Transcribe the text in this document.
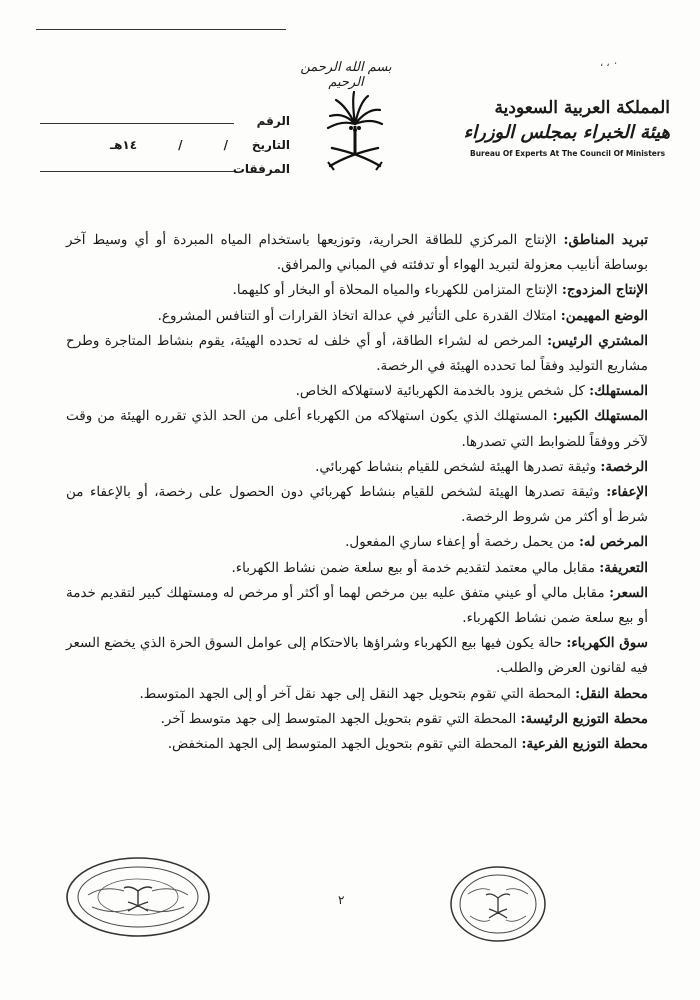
، ، ٠
بسم الله الرحمن الرحيم
الرقم
التاريخ
١٤هـ	/	/
المرفقات
المملكة العربية السعودية
هيئة الخبراء بمجلس الوزراء
Bureau Of Experts At The Council Of Ministers

تبريد المناطق: الإنتاج المركزي للطاقة الحرارية، وتوزيعها باستخدام المياه المبردة أو أي وسيط آخر بوساطة أنابيب معزولة لتبريد الهواء أو تدفئته في المباني والمرافق.

الإنتاج المزدوج: الإنتاج المتزامن للكهرباء والمياه المحلاة أو البخار أو كليهما.

الوضع المهيمن: امتلاك القدرة على التأثير في عدالة اتخاذ القرارات أو التنافس المشروع.

المشتري الرئيس: المرخص له لشراء الطاقة، أو أي خلف له تحدده الهيئة، يقوم بنشاط المتاجرة وطرح مشاريع التوليد وفقاً لما تحدده الهيئة في الرخصة.

المستهلك: كل شخص يزود بالخدمة الكهربائية لاستهلاكه الخاص.

المستهلك الكبير: المستهلك الذي يكون استهلاكه من الكهرباء أعلى من الحد الذي تقرره الهيئة من وقت لآخر ووفقاً للضوابط التي تصدرها.

الرخصة: وثيقة تصدرها الهيئة لشخص للقيام بنشاط كهربائي.

الإعفاء: وثيقة تصدرها الهيئة لشخص للقيام بنشاط كهربائي دون الحصول على رخصة، أو بالإعفاء من شرط أو أكثر من شروط الرخصة.

المرخص له: من يحمل رخصة أو إعفاء ساري المفعول.

التعريفة: مقابل مالي معتمد لتقديم خدمة أو بيع سلعة ضمن نشاط الكهرباء.

السعر: مقابل مالي أو عيني متفق عليه بين مرخص لهما أو أكثر أو مرخص له ومستهلك كبير لتقديم خدمة أو بيع سلعة ضمن نشاط الكهرباء.

سوق الكهرباء: حالة يكون فيها بيع الكهرباء وشراؤها بالاحتكام إلى عوامل السوق الحرة الذي يخضع السعر فيه لقانون العرض والطلب.

محطة النقل: المحطة التي تقوم بتحويل جهد النقل إلى جهد نقل آخر أو إلى الجهد المتوسط.

محطة التوزيع الرئيسة: المحطة التي تقوم بتحويل الجهد المتوسط إلى جهد متوسط آخر.

محطة التوزيع الفرعية: المحطة التي تقوم بتحويل الجهد المتوسط إلى الجهد المنخفض.

٢
